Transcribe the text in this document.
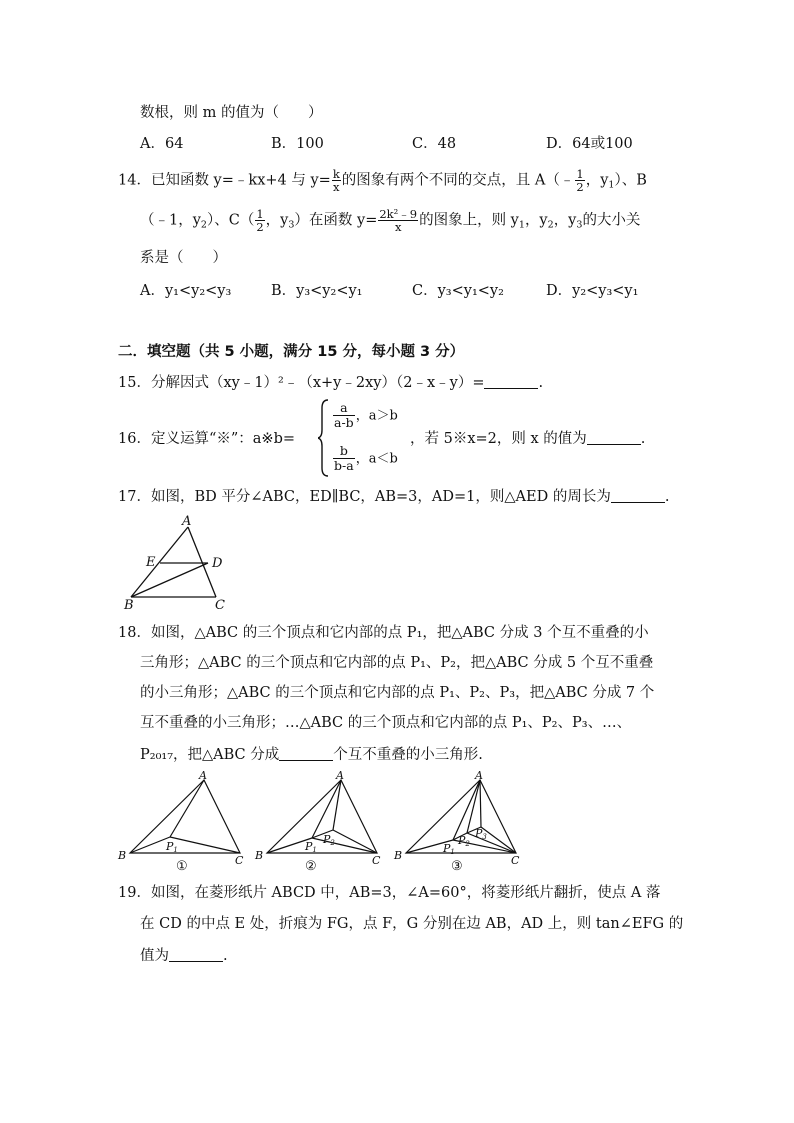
数根，则 m 的值为（　　）
A．64	B．100	C．48	D．64或100
14．已知函数 y=﹣kx+4 与 $y= \frac{k}{x}$ 的图象有两个不同的交点，且 A（﹣ $\frac{1}{2}$ ，$y_1$）、B
（﹣1，$y_2$）、$C( \frac{1}{2}$ ，$y_3$）在函数 $y= \frac{\text{2k²﹣9}}{x}$ 的图象上，则 $y_1$，$y_2$，$y_3$的大小关
系是（　　）
A．y₁<y₂<y₃	B．y₃<y₂<y₁	C．y₃<y₁<y₂	D．y₂<y₃<y₁
二．填空题（共 5 小题，满分 15 分，每小题 3 分）
15．分解因式（xy﹣1）²﹣（x+y﹣2xy）（2﹣x﹣y）=	.
16．定义运算“※”：a※b=
$\frac{a}{a-b}$ ，a＞b
$\frac{b}{b-a}$ ，a＜b
，若 5※x=2，则 x 的值为	.
17．如图，BD 平分∠ABC，ED∥BC，AB=3，AD=1，则△AED 的周长为	.
A
E	D
B	C
18．如图，△ABC 的三个顶点和它内部的点 P₁，把△ABC 分成 3 个互不重叠的小
三角形；△ABC 的三个顶点和它内部的点 P₁、P₂，把△ABC 分成 5 个互不重叠
的小三角形；△ABC 的三个顶点和它内部的点 P₁、P₂、P₃，把△ABC 分成 7 个
互不重叠的小三角形；…△ABC 的三个顶点和它内部的点 P₁、P₂、P₃、…、
P₂₀₁₇，把△ABC 分成	个互不重叠的小三角形.
A
B	C
A
B	C
A
B	C
P1	P1
P2	P1
P2
P3
①	②	③
19．如图，在菱形纸片 ABCD 中，AB=3，∠A=60°，将菱形纸片翻折，使点 A 落
在 CD 的中点 E 处，折痕为 FG，点 F，G 分别在边 AB，AD 上，则 tan∠EFG 的
值为	.
